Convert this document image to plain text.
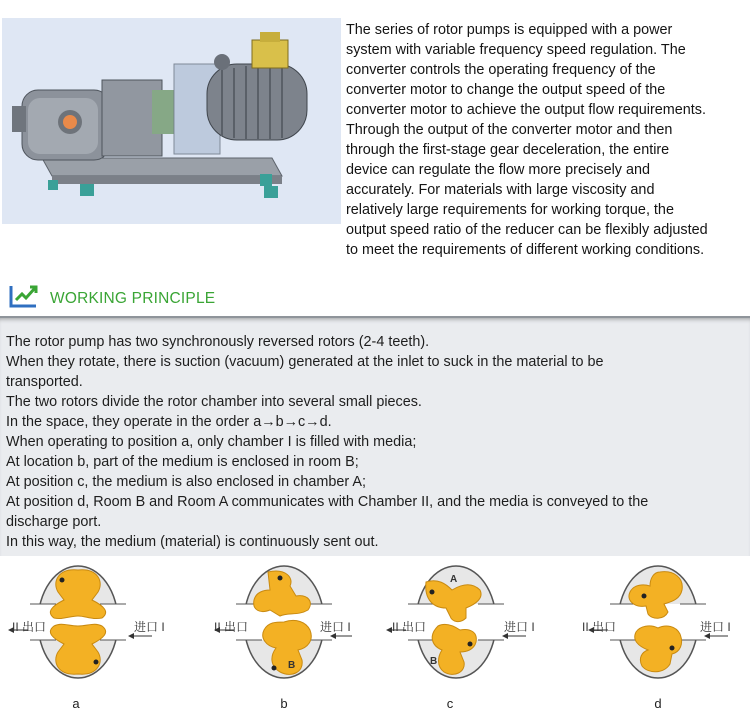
The series of rotor pumps is equipped with a power
system with variable frequency speed regulation. The
converter controls the operating frequency of the
converter motor to change the output speed of the
converter motor to achieve the output flow requirements.
Through the output of the converter motor and then
through the first-stage gear deceleration, the entire
device can regulate the flow more precisely and
accurately. For materials with large viscosity and
relatively large requirements for working torque, the
output speed ratio of the reducer can be flexibly adjusted
to meet the requirements of different working conditions.
WORKING PRINCIPLE

The rotor pump has two synchronously reversed rotors (2-4 teeth).

When they rotate, there is suction (vacuum) generated at the inlet to suck in the material to be

transported.

The two rotors divide the rotor chamber into several small pieces.

In the space, they operate in the order a→b→c→d.

When operating to position a, only chamber I is filled with media;

At location b, part of the medium is enclosed in room B;

At position c, the medium is also enclosed in chamber A;

At position d, Room B and Room A communicates with Chamber II, and the media is conveyed to the

discharge port.

In this way, the medium (material) is continuously sent out.

II 出口	进口 I
a
B
II 出口	进口 I
b
A
B
II 出口	进口 I
c
II 出口	进口 I
d
